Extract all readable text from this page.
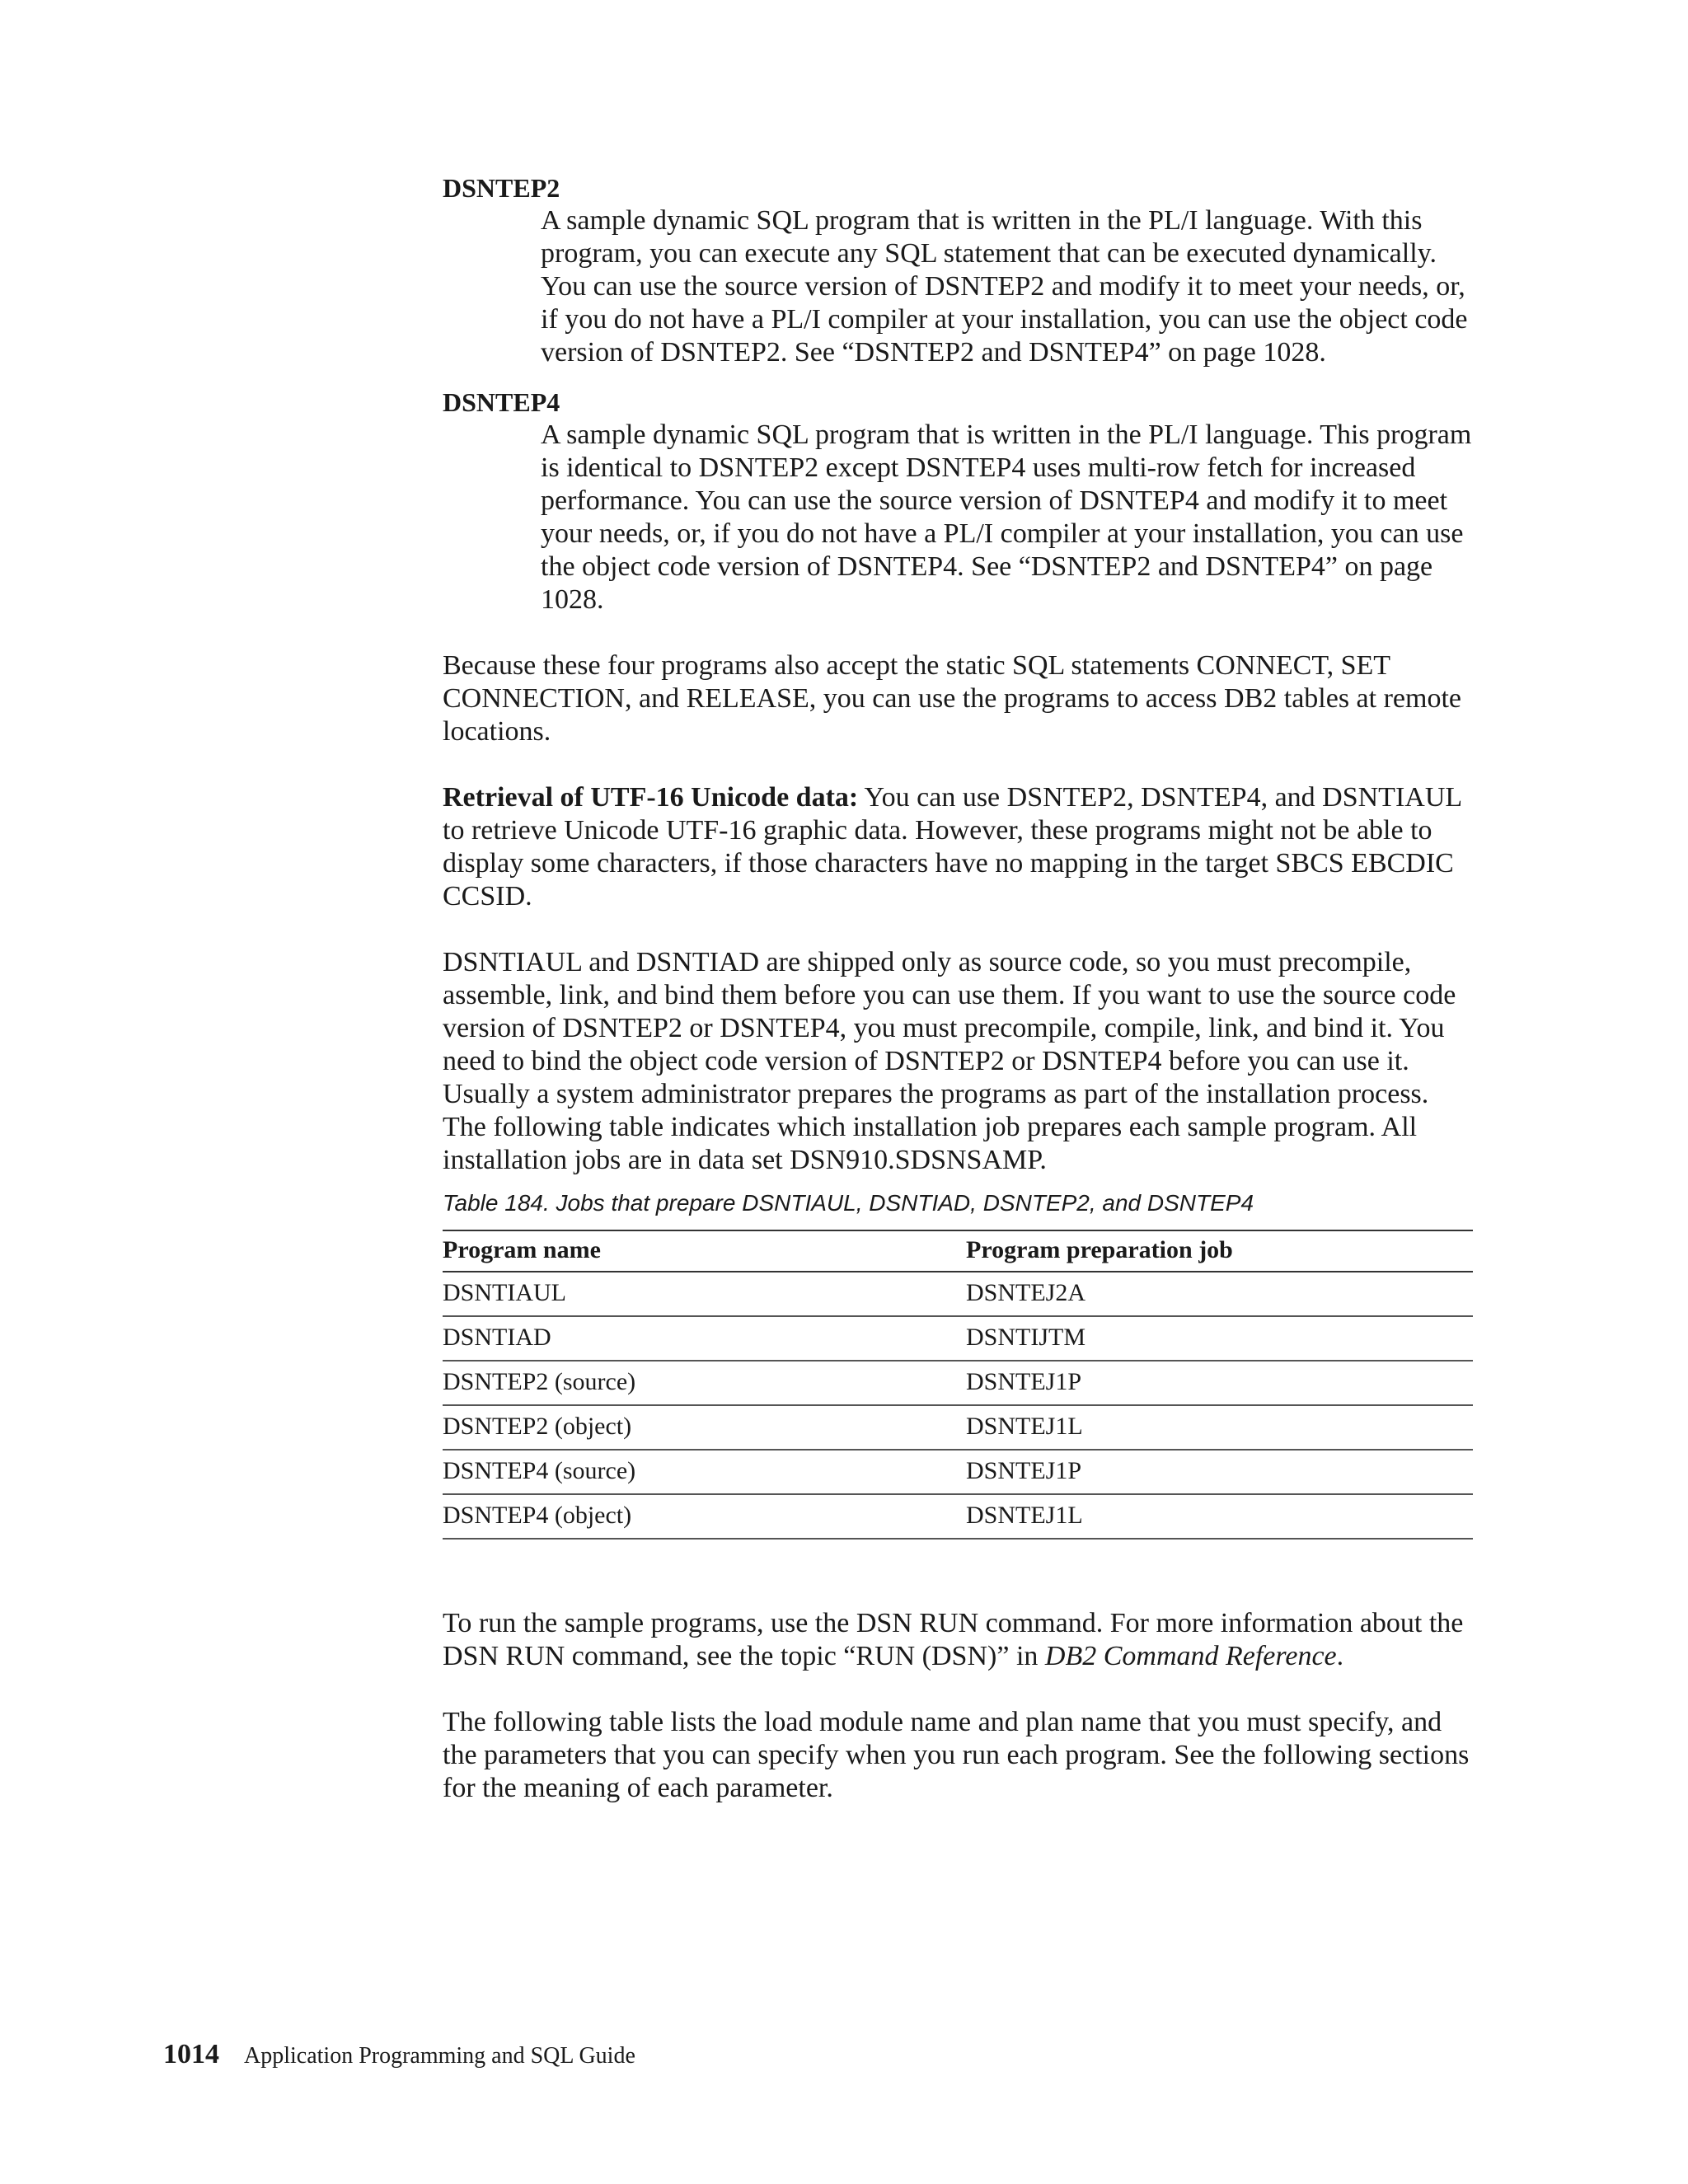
DSNTEP2

A sample dynamic SQL program that is written in the PL/I language. With this program, you can execute any SQL statement that can be executed dynamically. You can use the source version of DSNTEP2 and modify it to meet your needs, or, if you do not have a PL/I compiler at your installation, you can use the object code version of DSNTEP2. See “DSNTEP2 and DSNTEP4” on page 1028.

DSNTEP4

A sample dynamic SQL program that is written in the PL/I language. This program is identical to DSNTEP2 except DSNTEP4 uses multi-row fetch for increased performance. You can use the source version of DSNTEP4 and modify it to meet your needs, or, if you do not have a PL/I compiler at your installation, you can use the object code version of DSNTEP4. See “DSNTEP2 and DSNTEP4” on page 1028.

Because these four programs also accept the static SQL statements CONNECT, SET CONNECTION, and RELEASE, you can use the programs to access DB2 tables at remote locations.

Retrieval of UTF-16 Unicode data: You can use DSNTEP2, DSNTEP4, and DSNTIAUL to retrieve Unicode UTF-16 graphic data. However, these programs might not be able to display some characters, if those characters have no mapping in the target SBCS EBCDIC CCSID.

DSNTIAUL and DSNTIAD are shipped only as source code, so you must precompile, assemble, link, and bind them before you can use them. If you want to use the source code version of DSNTEP2 or DSNTEP4, you must precompile, compile, link, and bind it. You need to bind the object code version of DSNTEP2 or DSNTEP4 before you can use it. Usually a system administrator prepares the programs as part of the installation process. The following table indicates which installation job prepares each sample program. All installation jobs are in data set DSN910.SDSNSAMP.

Table 184. Jobs that prepare DSNTIAUL, DSNTIAD, DSNTEP2, and DSNTEP4

Program name	Program preparation job
DSNTIAUL	DSNTEJ2A
DSNTIAD	DSNTIJTM
DSNTEP2 (source)	DSNTEJ1P
DSNTEP2 (object)	DSNTEJ1L
DSNTEP4 (source)	DSNTEJ1P
DSNTEP4 (object)	DSNTEJ1L

To run the sample programs, use the DSN RUN command. For more information about the DSN RUN command, see the topic “RUN (DSN)” in DB2 Command Reference.

The following table lists the load module name and plan name that you must specify, and the parameters that you can specify when you run each program. See the following sections for the meaning of each parameter.

1014 Application Programming and SQL Guide
